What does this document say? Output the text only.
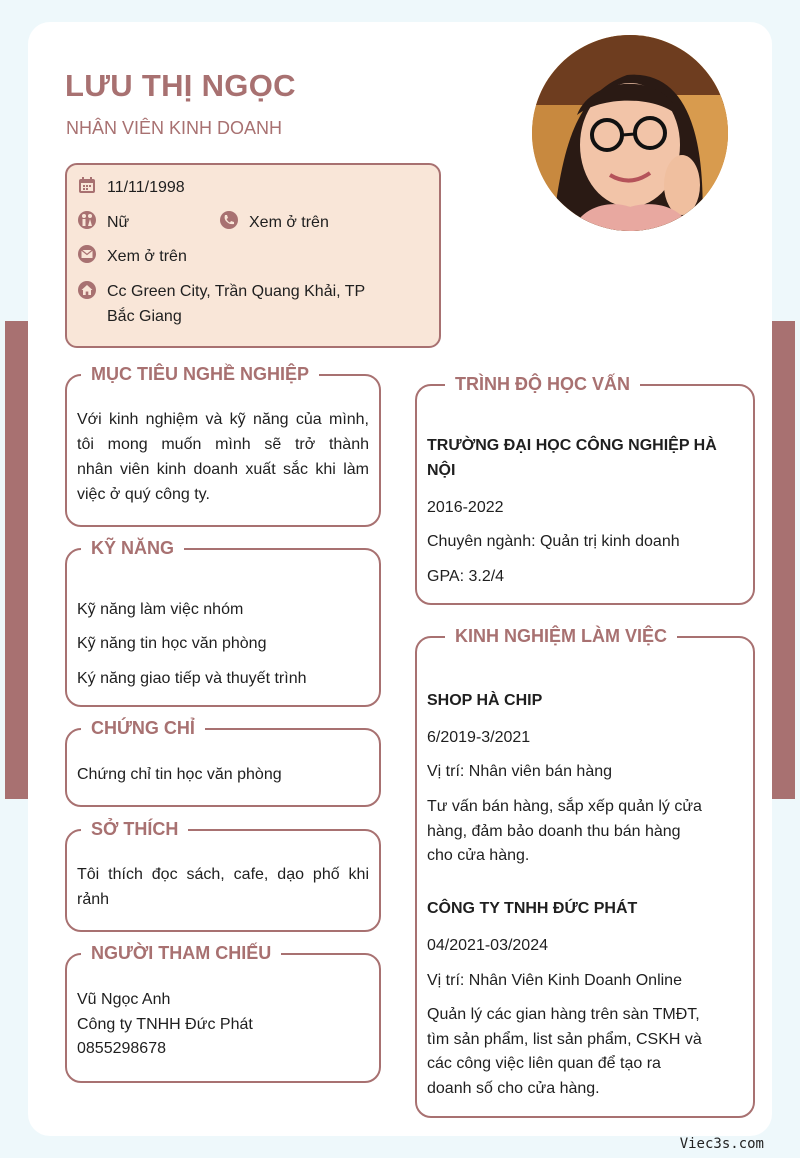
LƯU THỊ NGỌC
NHÂN VIÊN KINH DOANH
11/11/1998
Nữ	Xem ở trên
Xem ở trên
Cc Green City, Trần Quang Khải, TP
Bắc Giang
MỤC TIÊU NGHỀ NGHIỆP
Với kinh nghiệm và kỹ năng của mình,
tôi mong muốn mình sẽ trở thành
nhân viên kinh doanh xuất sắc khi làm
việc ở quý công ty.
KỸ NĂNG
Kỹ năng làm việc nhóm
Kỹ năng tin học văn phòng
Ký năng giao tiếp và thuyết trình
CHỨNG CHỈ
Chứng chỉ tin học văn phòng
SỞ THÍCH
Tôi thích đọc sách, cafe, dạo phố khi
rảnh
NGƯỜI THAM CHIẾU
Vũ Ngọc Anh
Công ty TNHH Đức Phát
0855298678
TRÌNH ĐỘ HỌC VẤN
TRƯỜNG ĐẠI HỌC CÔNG NGHIỆP HÀ
NỘI
2016-2022
Chuyên ngành: Quản trị kinh doanh
GPA: 3.2/4
KINH NGHIỆM LÀM VIỆC
SHOP HÀ CHIP
6/2019-3/2021
Vị trí: Nhân viên bán hàng
Tư vấn bán hàng, sắp xếp quản lý cửa
hàng, đảm bảo doanh thu bán hàng
cho cửa hàng.
CÔNG TY TNHH ĐỨC PHÁT
04/2021-03/2024
Vị trí: Nhân Viên Kinh Doanh Online
Quản lý các gian hàng trên sàn TMĐT,
tìm sản phẩm, list sản phẩm, CSKH và
các công việc liên quan để tạo ra
doanh số cho cửa hàng.
Viec3s.com
